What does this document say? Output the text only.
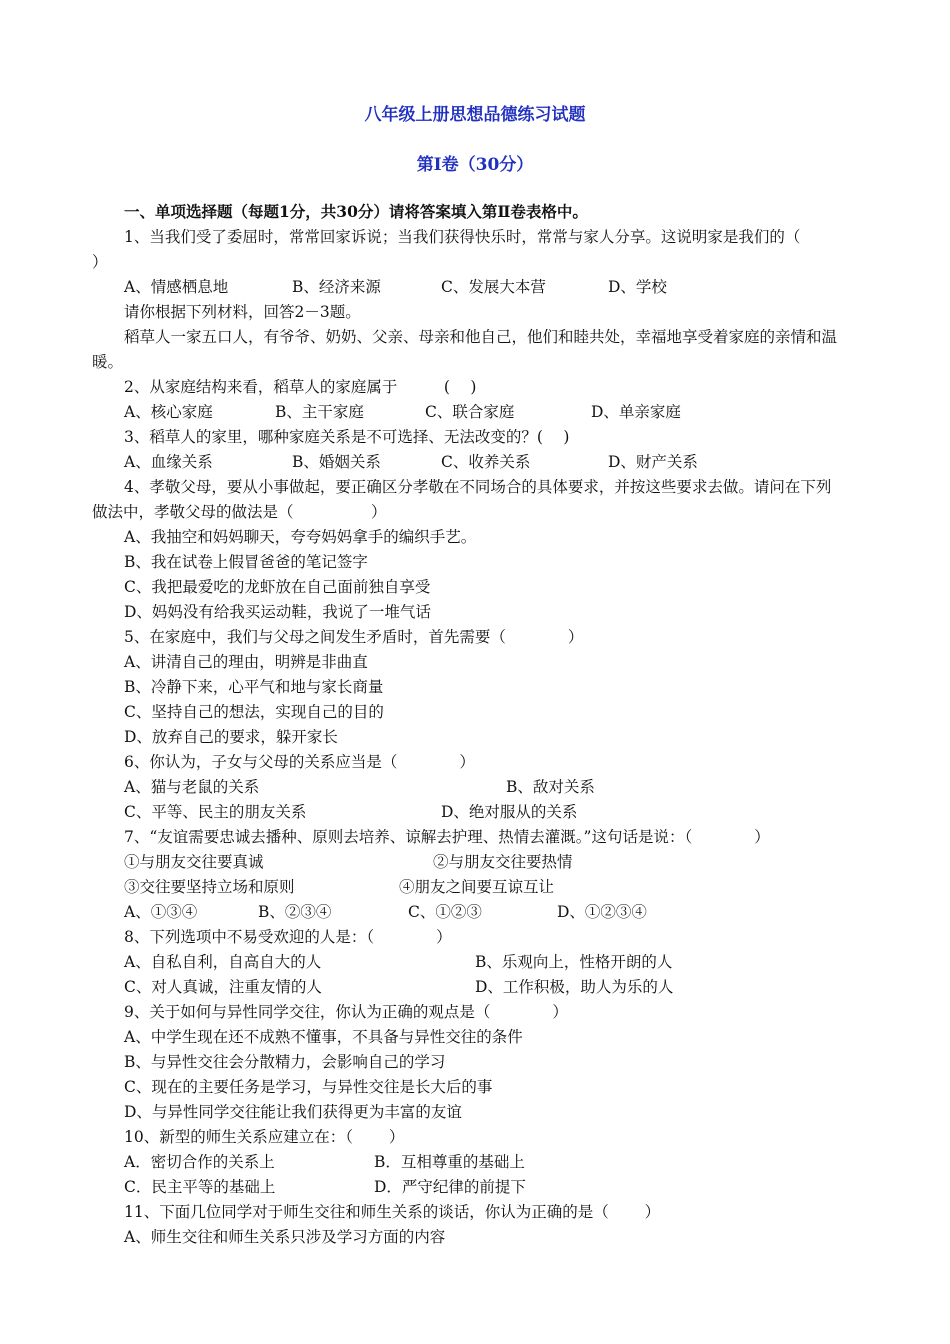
八年级上册思想品德练习试题
第Ⅰ卷（30分）
一、单项选择题（每题1分，共30分）请将答案填入第Ⅱ卷表格中。
1、当我们受了委屈时，常常回家诉说；当我们获得快乐时，常常与家人分享。这说明家是我们的（
）
A、情感栖息地	B、经济来源	C、发展大本营	D、学校
请你根据下列材料，回答2－3题。
稻草人一家五口人，有爷爷、奶奶、父亲、母亲和他自己，他们和睦共处，幸福地享受着家庭的亲情和温
暖。
2、从家庭结构来看，稻草人的家庭属于　　　(　 )
A、核心家庭	B、主干家庭	C、联合家庭	D、单亲家庭
3、稻草人的家里，哪种家庭关系是不可选择、无法改变的？(　 )
A、血缘关系	B、婚姻关系	C、收养关系	D、财产关系
4、孝敬父母，要从小事做起，要正确区分孝敬在不同场合的具体要求，并按这些要求去做。请问在下列
做法中，孝敬父母的做法是（　　　　　）
A、我抽空和妈妈聊天，夸夸妈妈拿手的编织手艺。
B、我在试卷上假冒爸爸的笔记签字
C、我把最爱吃的龙虾放在自己面前独自享受
D、妈妈没有给我买运动鞋，我说了一堆气话
5、在家庭中，我们与父母之间发生矛盾时，首先需要（　　　　）
A、讲清自己的理由，明辨是非曲直
B、冷静下来，心平气和地与家长商量
C、坚持自己的想法，实现自己的目的
D、放弃自己的要求，躲开家长
6、你认为，子女与父母的关系应当是（　　　　）
A、猫与老鼠的关系	B、敌对关系
C、平等、民主的朋友关系	D、绝对服从的关系
7、“友谊需要忠诚去播种、原则去培养、谅解去护理、热情去灌溉。”这句话是说：（　　　　）
①与朋友交往要真诚	②与朋友交往要热情
③交往要坚持立场和原则	④朋友之间要互谅互让
A、①③④	B、②③④	C、①②③	D、①②③④
8、下列选项中不易受欢迎的人是：（　　　　）
A、自私自利，自高自大的人	B、乐观向上，性格开朗的人
C、对人真诚，注重友情的人	D、工作积极，助人为乐的人
9、关于如何与异性同学交往，你认为正确的观点是（　　　　）
A、中学生现在还不成熟不懂事，不具备与异性交往的条件
B、与异性交往会分散精力，会影响自己的学习
C、现在的主要任务是学习，与异性交往是长大后的事
D、与异性同学交往能让我们获得更为丰富的友谊
10、新型的师生关系应建立在：（　　 ）
A．密切合作的关系上	B．互相尊重的基础上
C．民主平等的基础上	D．严守纪律的前提下
11、下面几位同学对于师生交往和师生关系的谈话，你认为正确的是（　　 ）
A、师生交往和师生关系只涉及学习方面的内容
